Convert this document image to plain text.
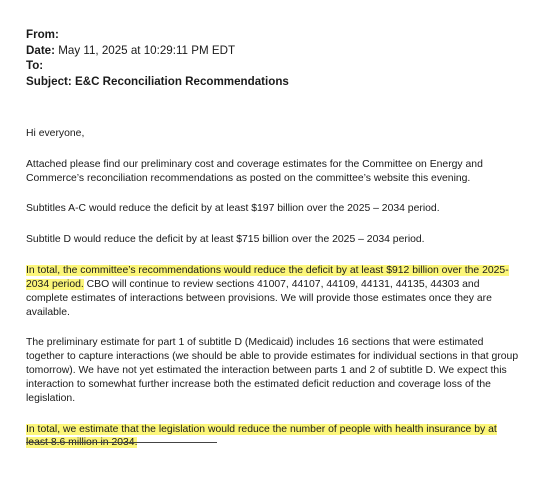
From:
Date: May 11, 2025 at 10:29:11 PM EDT
To:
Subject: E&C Reconciliation Recommendations
Hi everyone,
Attached please find our preliminary cost and coverage estimates for the Committee on Energy and Commerce’s reconciliation recommendations as posted on the committee’s website this evening.
Subtitles A-C would reduce the deficit by at least $197 billion over the 2025 – 2034 period.
Subtitle D would reduce the deficit by at least $715 billion over the 2025 – 2034 period.
In total, the committee’s recommendations would reduce the deficit by at least $912 billion over the 2025-2034 period. CBO will continue to review sections 41007, 44107, 44109, 44131, 44135, 44303 and complete estimates of interactions between provisions. We will provide those estimates once they are available.
The preliminary estimate for part 1 of subtitle D (Medicaid) includes 16 sections that were estimated together to capture interactions (we should be able to provide estimates for individual sections in that group tomorrow). We have not yet estimated the interaction between parts 1 and 2 of subtitle D. We expect this interaction to somewhat further increase both the estimated deficit reduction and coverage loss of the legislation.
In total, we estimate that the legislation would reduce the number of people with health insurance by at
